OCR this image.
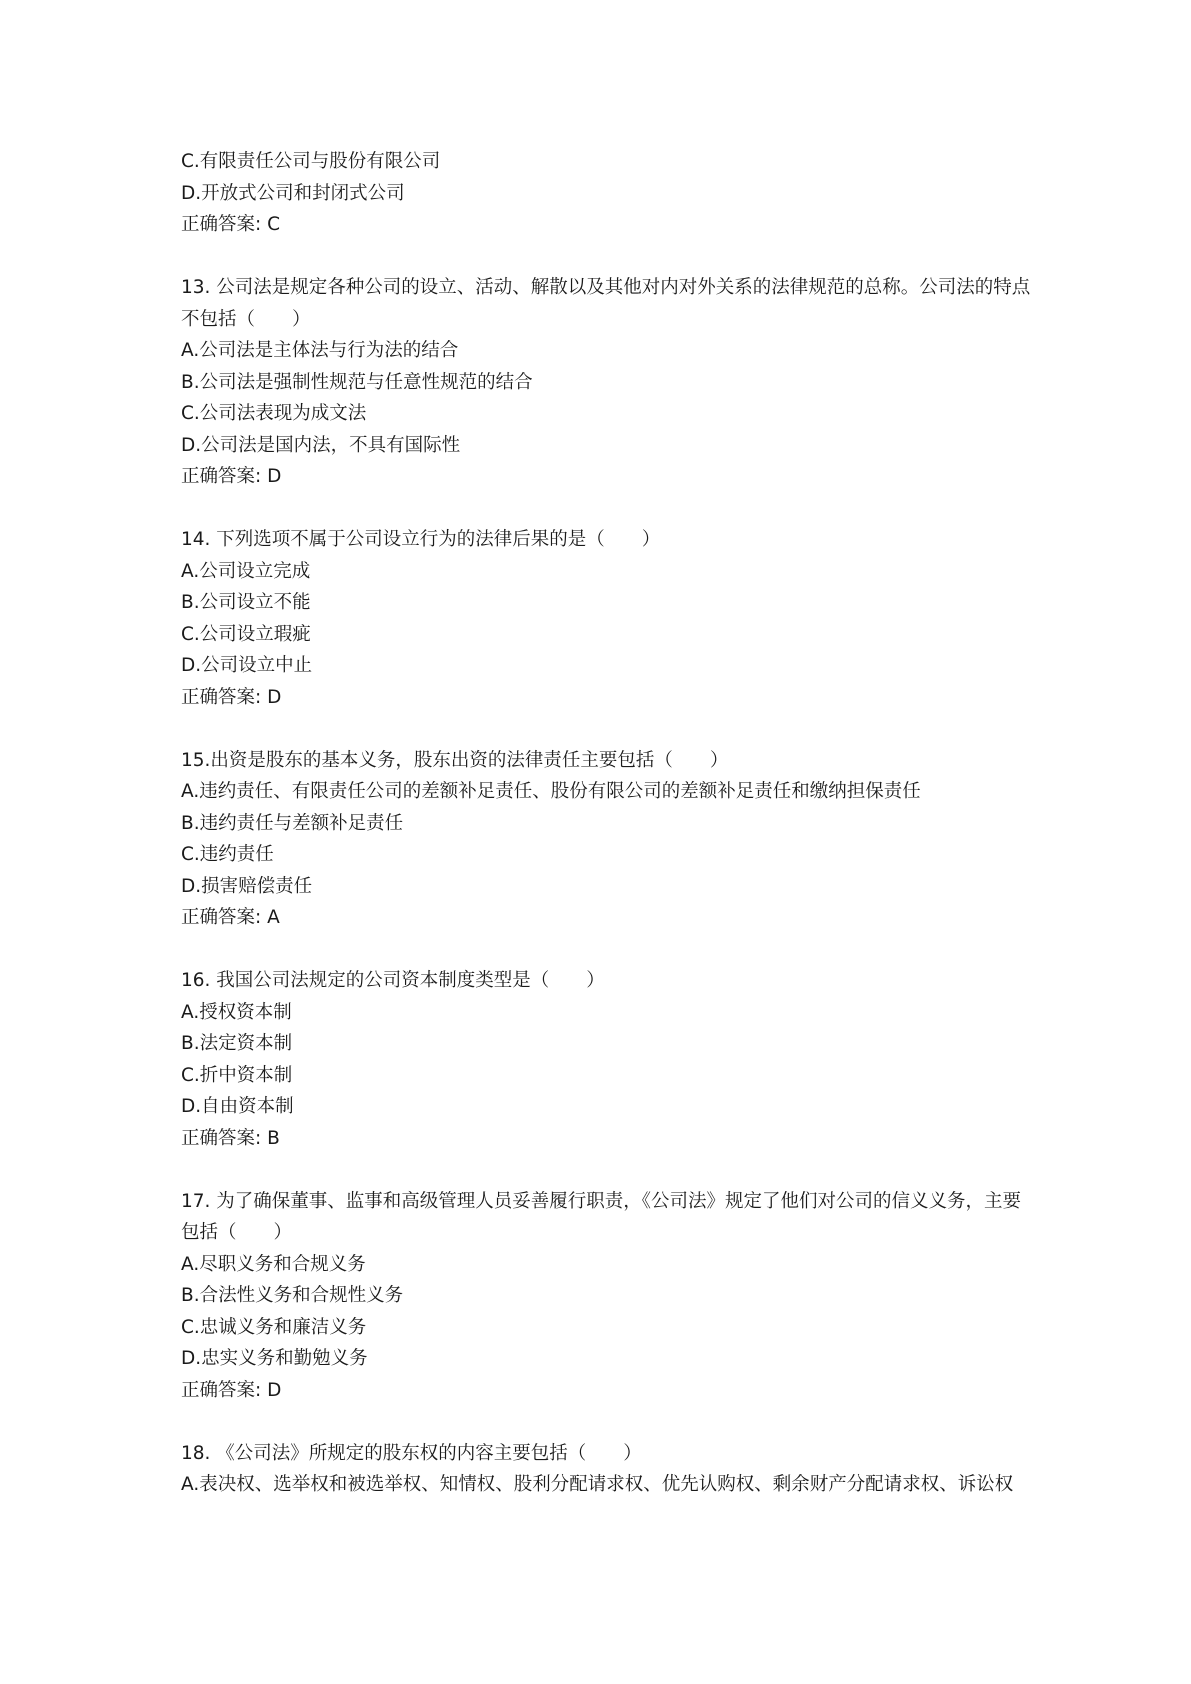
C.有限责任公司与股份有限公司

D.开放式公司和封闭式公司

正确答案: C

13. 公司法是规定各种公司的设立、活动、解散以及其他对内对外关系的法律规范的总称。公司法的特点不包括（　　）

A.公司法是主体法与行为法的结合

B.公司法是强制性规范与任意性规范的结合

C.公司法表现为成文法

D.公司法是国内法，不具有国际性

正确答案: D

14. 下列选项不属于公司设立行为的法律后果的是（　　）

A.公司设立完成

B.公司设立不能

C.公司设立瑕疵

D.公司设立中止

正确答案: D

15.出资是股东的基本义务，股东出资的法律责任主要包括（　　）

A.违约责任、有限责任公司的差额补足责任、股份有限公司的差额补足责任和缴纳担保责任

B.违约责任与差额补足责任

C.违约责任

D.损害赔偿责任

正确答案: A

16. 我国公司法规定的公司资本制度类型是（　　）

A.授权资本制

B.法定资本制

C.折中资本制

D.自由资本制

正确答案: B

17. 为了确保董事、监事和高级管理人员妥善履行职责，《公司法》规定了他们对公司的信义义务，主要包括（　　）

A.尽职义务和合规义务

B.合法性义务和合规性义务

C.忠诚义务和廉洁义务

D.忠实义务和勤勉义务

正确答案: D

18. 《公司法》所规定的股东权的内容主要包括（　　）

A.表决权、选举权和被选举权、知情权、股利分配请求权、优先认购权、剩余财产分配请求权、诉讼权
